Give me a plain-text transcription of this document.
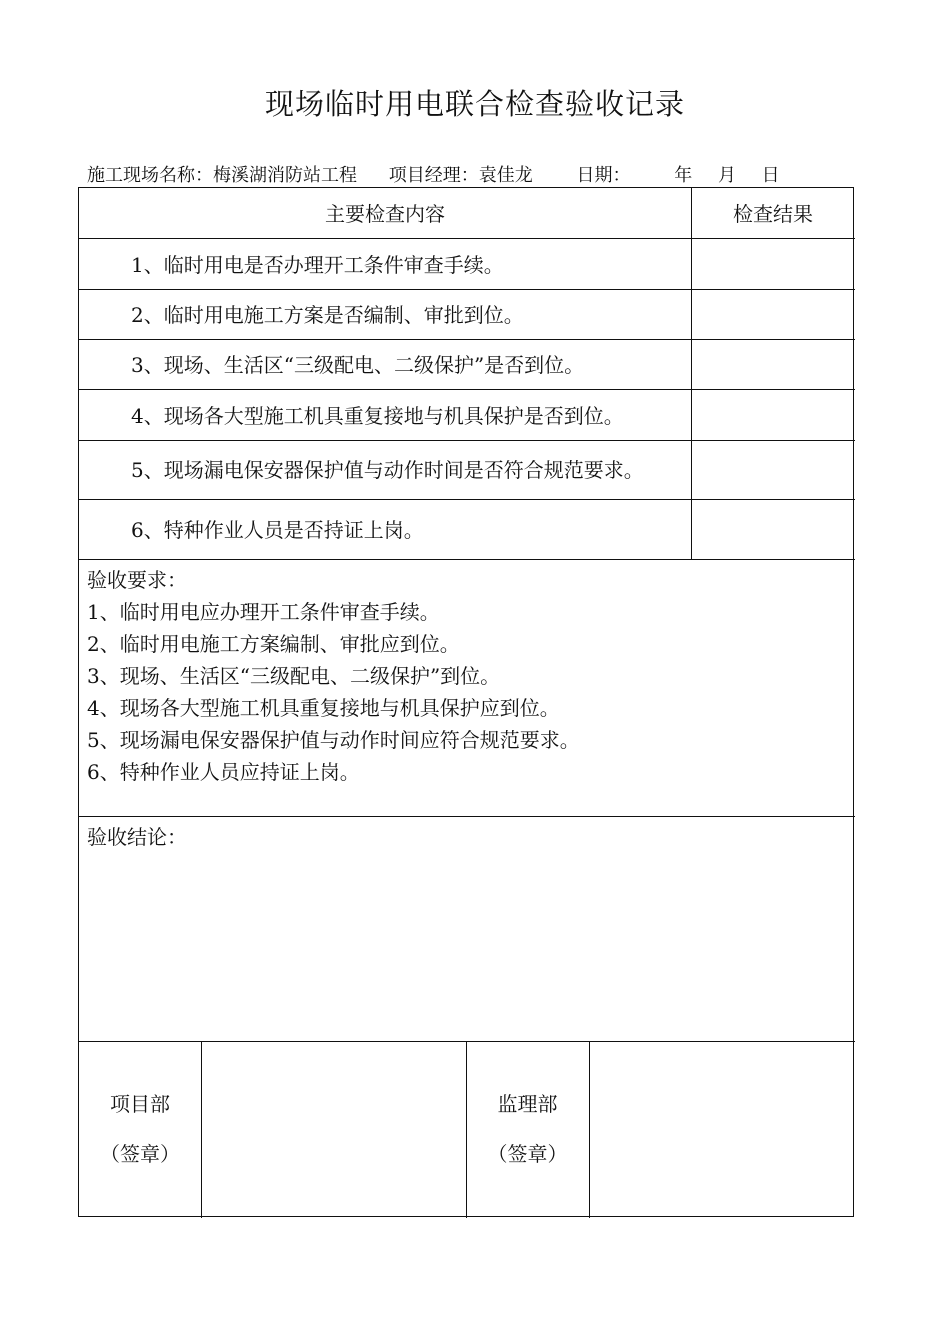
现场临时用电联合检查验收记录
施工现场名称：梅溪湖消防站工程 项目经理：袁佳龙 日期： 年 月 日
主要检查内容	检查结果
1、临时用电是否办理开工条件审查手续。
2、临时用电施工方案是否编制、审批到位。
3、现场、生活区“三级配电、二级保护”是否到位。
4、现场各大型施工机具重复接地与机具保护是否到位。
5、现场漏电保安器保护值与动作时间是否符合规范要求。
6、特种作业人员是否持证上岗。
验收要求：
1、临时用电应办理开工条件审查手续。
2、临时用电施工方案编制、审批应到位。
3、现场、生活区“三级配电、二级保护”到位。
4、现场各大型施工机具重复接地与机具保护应到位。
5、现场漏电保安器保护值与动作时间应符合规范要求。
6、特种作业人员应持证上岗。
验收结论：
项目部
（签章）
监理部
（签章）
